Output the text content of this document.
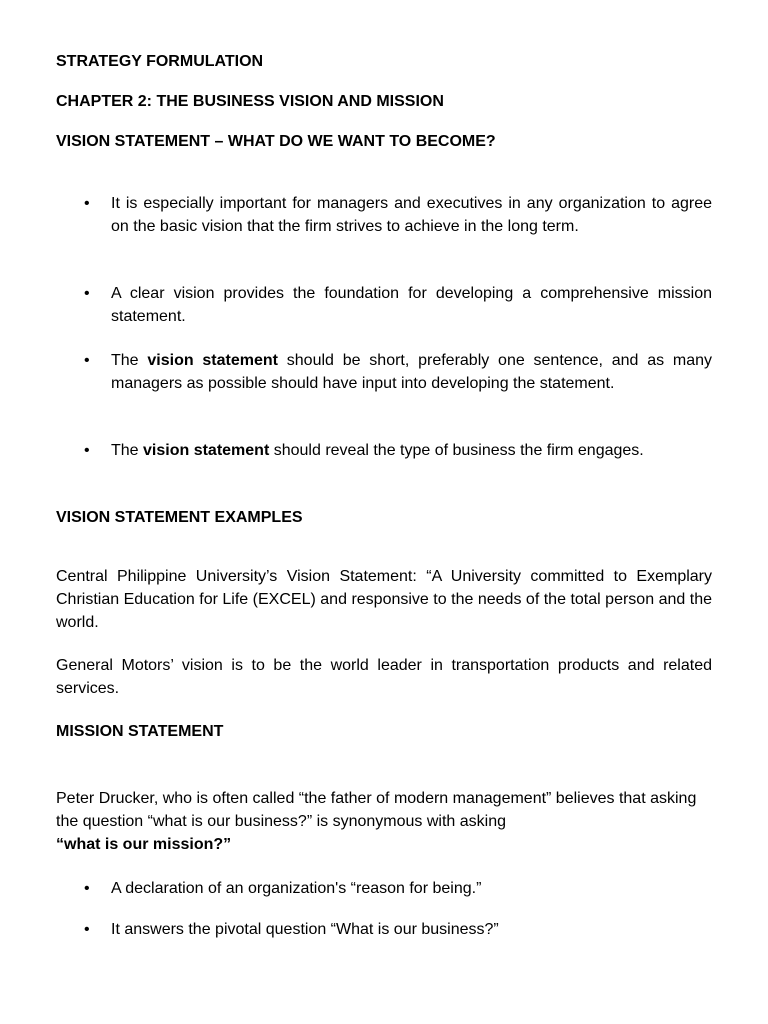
STRATEGY FORMULATION
CHAPTER 2: THE BUSINESS VISION AND MISSION
VISION STATEMENT – WHAT DO WE WANT TO BECOME?
•	It is especially important for managers and executives in any organization to agree on the basic vision that the firm strives to achieve in the long term.
•	A clear vision provides the foundation for developing a comprehensive mission statement.
•	The vision statement should be short, preferably one sentence, and as many managers as possible should have input into developing the statement.
•	The vision statement should reveal the type of business the firm engages.
VISION STATEMENT EXAMPLES

Central Philippine University’s Vision Statement: “A University committed to Exemplary Christian Education for Life (EXCEL) and responsive to the needs of the total person and the world.

General Motors’ vision is to be the world leader in transportation products and related services.

MISSION STATEMENT

Peter Drucker, who is often called “the father of modern management” believes that asking the question “what is our business?” is synonymous with asking
“what is our mission?”

•	A declaration of an organization's “reason for being.”
•	It answers the pivotal question “What is our business?”
